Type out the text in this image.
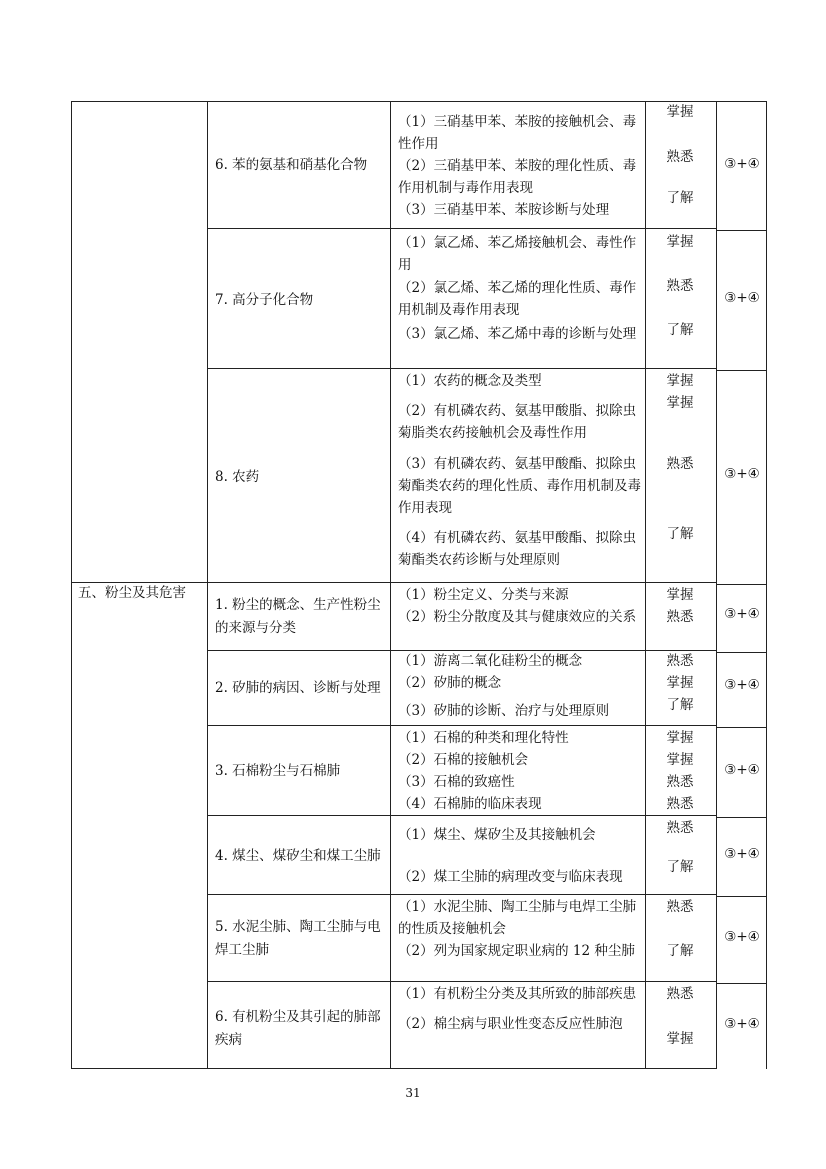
五、粉尘及其危害
6. 苯的氨基和硝基化合物

（1）三硝基甲苯、苯胺的接触机会、毒性作用

（2）三硝基甲苯、苯胺的理化性质、毒作用机制与毒作用表现

（3）三硝基甲苯、苯胺诊断与处理

掌握
熟悉
了解
③+④
7. 高分子化合物

（1）氯乙烯、苯乙烯接触机会、毒性作用

（2）氯乙烯、苯乙烯的理化性质、毒作用机制及毒作用表现

（3）氯乙烯、苯乙烯中毒的诊断与处理

掌握
熟悉
了解
③+④
8. 农药

（1）农药的概念及类型

（2）有机磷农药、氨基甲酸脂、拟除虫菊脂类农药接触机会及毒性作用

（3）有机磷农药、氨基甲酸酯、拟除虫菊酯类农药的理化性质、毒作用机制及毒作用表现

（4）有机磷农药、氨基甲酸酯、拟除虫菊酯类农药诊断与处理原则

掌握
掌握
熟悉
了解
③+④
1. 粉尘的概念、生产性粉尘的来源与分类

（1）粉尘定义、分类与来源

（2）粉尘分散度及其与健康效应的关系

掌握
熟悉	③+④
2. 矽肺的病因、诊断与处理

（1）游离二氧化硅粉尘的概念

（2）矽肺的概念

（3）矽肺的诊断、治疗与处理原则

熟悉
掌握
了解
③+④
3. 石棉粉尘与石棉肺

（1）石棉的种类和理化特性

（2）石棉的接触机会

（3）石棉的致癌性

（4）石棉肺的临床表现

掌握
掌握
熟悉
熟悉
③+④
4. 煤尘、煤矽尘和煤工尘肺

（1）煤尘、煤矽尘及其接触机会

（2）煤工尘肺的病理改变与临床表现

熟悉
了解
③+④
5. 水泥尘肺、陶工尘肺与电焊工尘肺

（1）水泥尘肺、陶工尘肺与电焊工尘肺的性质及接触机会

（2）列为国家规定职业病的 12 种尘肺

熟悉
了解
③+④
6. 有机粉尘及其引起的肺部疾病

（1）有机粉尘分类及其所致的肺部疾患

（2）棉尘病与职业性变态反应性肺泡

熟悉
掌握
③+④
31
